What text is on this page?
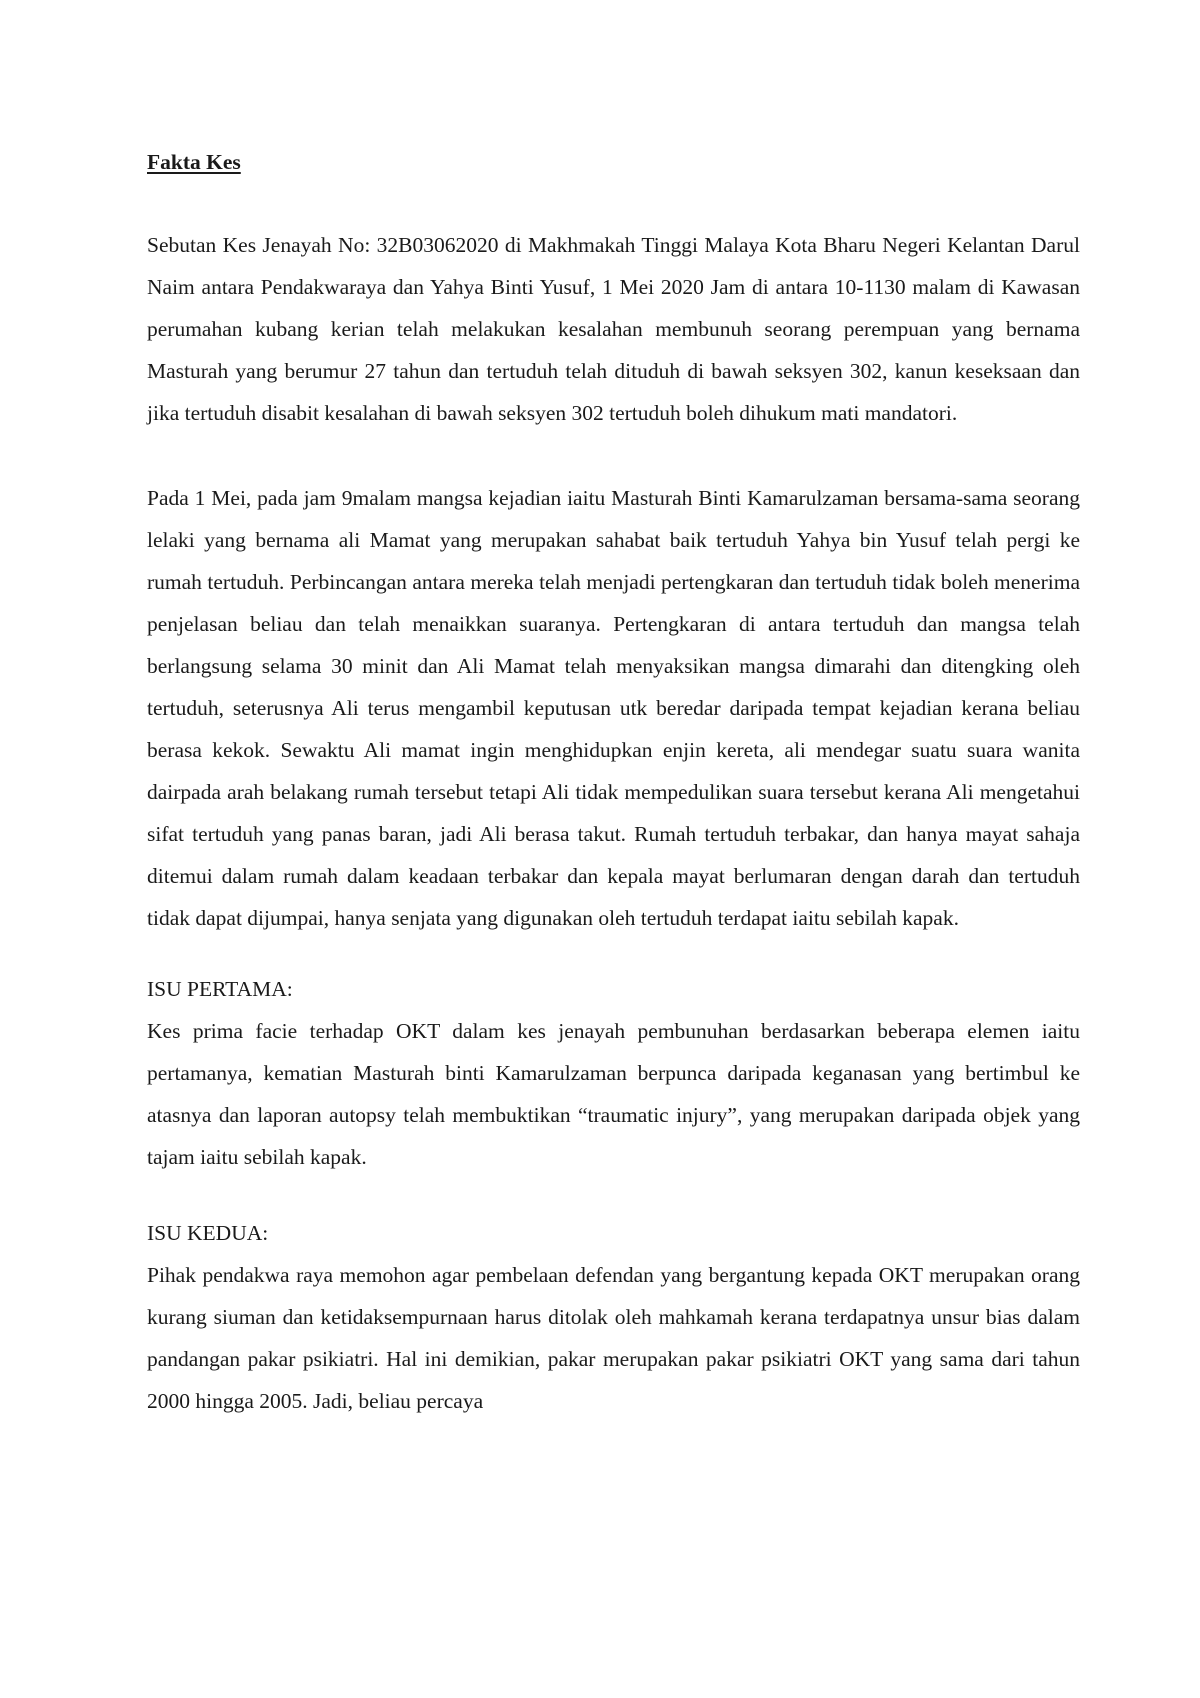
Fakta Kes

Sebutan Kes Jenayah No: 32B03062020 di Makhmakah Tinggi Malaya Kota Bharu Negeri Kelantan Darul Naim antara Pendakwaraya dan Yahya Binti Yusuf, 1 Mei 2020 Jam di antara 10-1130 malam di Kawasan perumahan kubang kerian telah melakukan kesalahan membunuh seorang perempuan yang bernama Masturah yang berumur 27 tahun dan tertuduh telah dituduh di bawah seksyen 302, kanun keseksaan dan jika tertuduh disabit kesalahan di bawah seksyen 302 tertuduh boleh dihukum mati mandatori.

Pada 1 Mei, pada jam 9malam mangsa kejadian iaitu Masturah Binti Kamarulzaman bersama-sama seorang lelaki yang bernama ali Mamat yang merupakan sahabat baik tertuduh Yahya bin Yusuf telah pergi ke rumah tertuduh. Perbincangan antara mereka telah menjadi pertengkaran dan tertuduh tidak boleh menerima penjelasan beliau dan telah menaikkan suaranya. Pertengkaran di antara tertuduh dan mangsa telah berlangsung selama 30 minit dan Ali Mamat telah menyaksikan mangsa dimarahi dan ditengking oleh tertuduh, seterusnya Ali terus mengambil keputusan utk beredar daripada tempat kejadian kerana beliau berasa kekok. Sewaktu Ali mamat ingin menghidupkan enjin kereta, ali mendegar suatu suara wanita dairpada arah belakang rumah tersebut tetapi Ali tidak mempedulikan suara tersebut kerana Ali mengetahui sifat tertuduh yang panas baran, jadi Ali berasa takut. Rumah tertuduh terbakar, dan hanya mayat sahaja ditemui dalam rumah dalam keadaan terbakar dan kepala mayat berlumaran dengan darah dan tertuduh tidak dapat dijumpai, hanya senjata yang digunakan oleh tertuduh terdapat iaitu sebilah kapak.

ISU PERTAMA:

Kes prima facie terhadap OKT dalam kes jenayah pembunuhan berdasarkan beberapa elemen iaitu pertamanya, kematian Masturah binti Kamarulzaman berpunca daripada keganasan yang bertimbul ke atasnya dan laporan autopsy telah membuktikan “traumatic injury”, yang merupakan daripada objek yang tajam iaitu sebilah kapak.

ISU KEDUA:

Pihak pendakwa raya memohon agar pembelaan defendan yang bergantung kepada OKT merupakan orang kurang siuman dan ketidaksempurnaan harus ditolak oleh mahkamah kerana terdapatnya unsur bias dalam pandangan pakar psikiatri. Hal ini demikian, pakar merupakan pakar psikiatri OKT yang sama dari tahun 2000 hingga 2005. Jadi, beliau percaya
